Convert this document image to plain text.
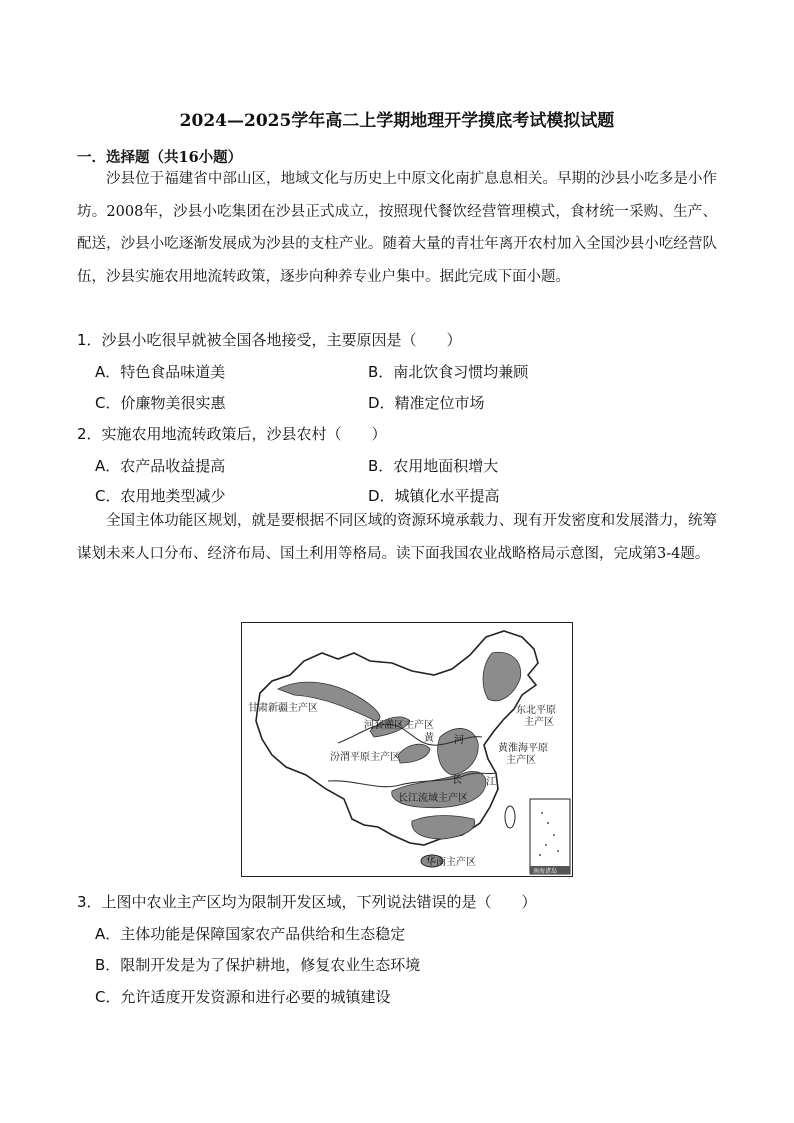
2024—2025学年高二上学期地理开学摸底考试模拟试题
一．选择题（共16小题）

沙县位于福建省中部山区，地域文化与历史上中原文化南扩息息相关。早期的沙县小吃多是小作坊。2008年，沙县小吃集团在沙县正式成立，按照现代餐饮经营管理模式，食材统一采购、生产、配送，沙县小吃逐渐发展成为沙县的支柱产业。随着大量的青壮年离开农村加入全国沙县小吃经营队伍，沙县实施农用地流转政策，逐步向种养专业户集中。据此完成下面小题。

1．沙县小吃很早就被全国各地接受，主要原因是（　　）
A．特色食品味道美	B．南北饮食习惯均兼顾
C．价廉物美很实惠	D．精准定位市场
2．实施农用地流转政策后，沙县农村（　　）
A．农产品收益提高	B．农用地面积增大
C．农用地类型减少	D．城镇化水平提高

全国主体功能区规划，就是要根据不同区域的资源环境承载力、现有开发密度和发展潜力，统筹谋划未来人口分布、经济布局、国土利用等格局。读下面我国农业战略格局示意图，完成第3-4题。

甘肃新疆主产区
河套灌区主产区
汾渭平原主产区
东北平原
主产区
黄淮海平原
主产区
长江流域主产区
华南主产区
黄 河
长 江
南海诸岛
3．上图中农业主产区均为限制开发区域，下列说法错误的是（　　）
A．主体功能是保障国家农产品供给和生态稳定
B．限制开发是为了保护耕地，修复农业生态环境
C．允许适度开发资源和进行必要的城镇建设
